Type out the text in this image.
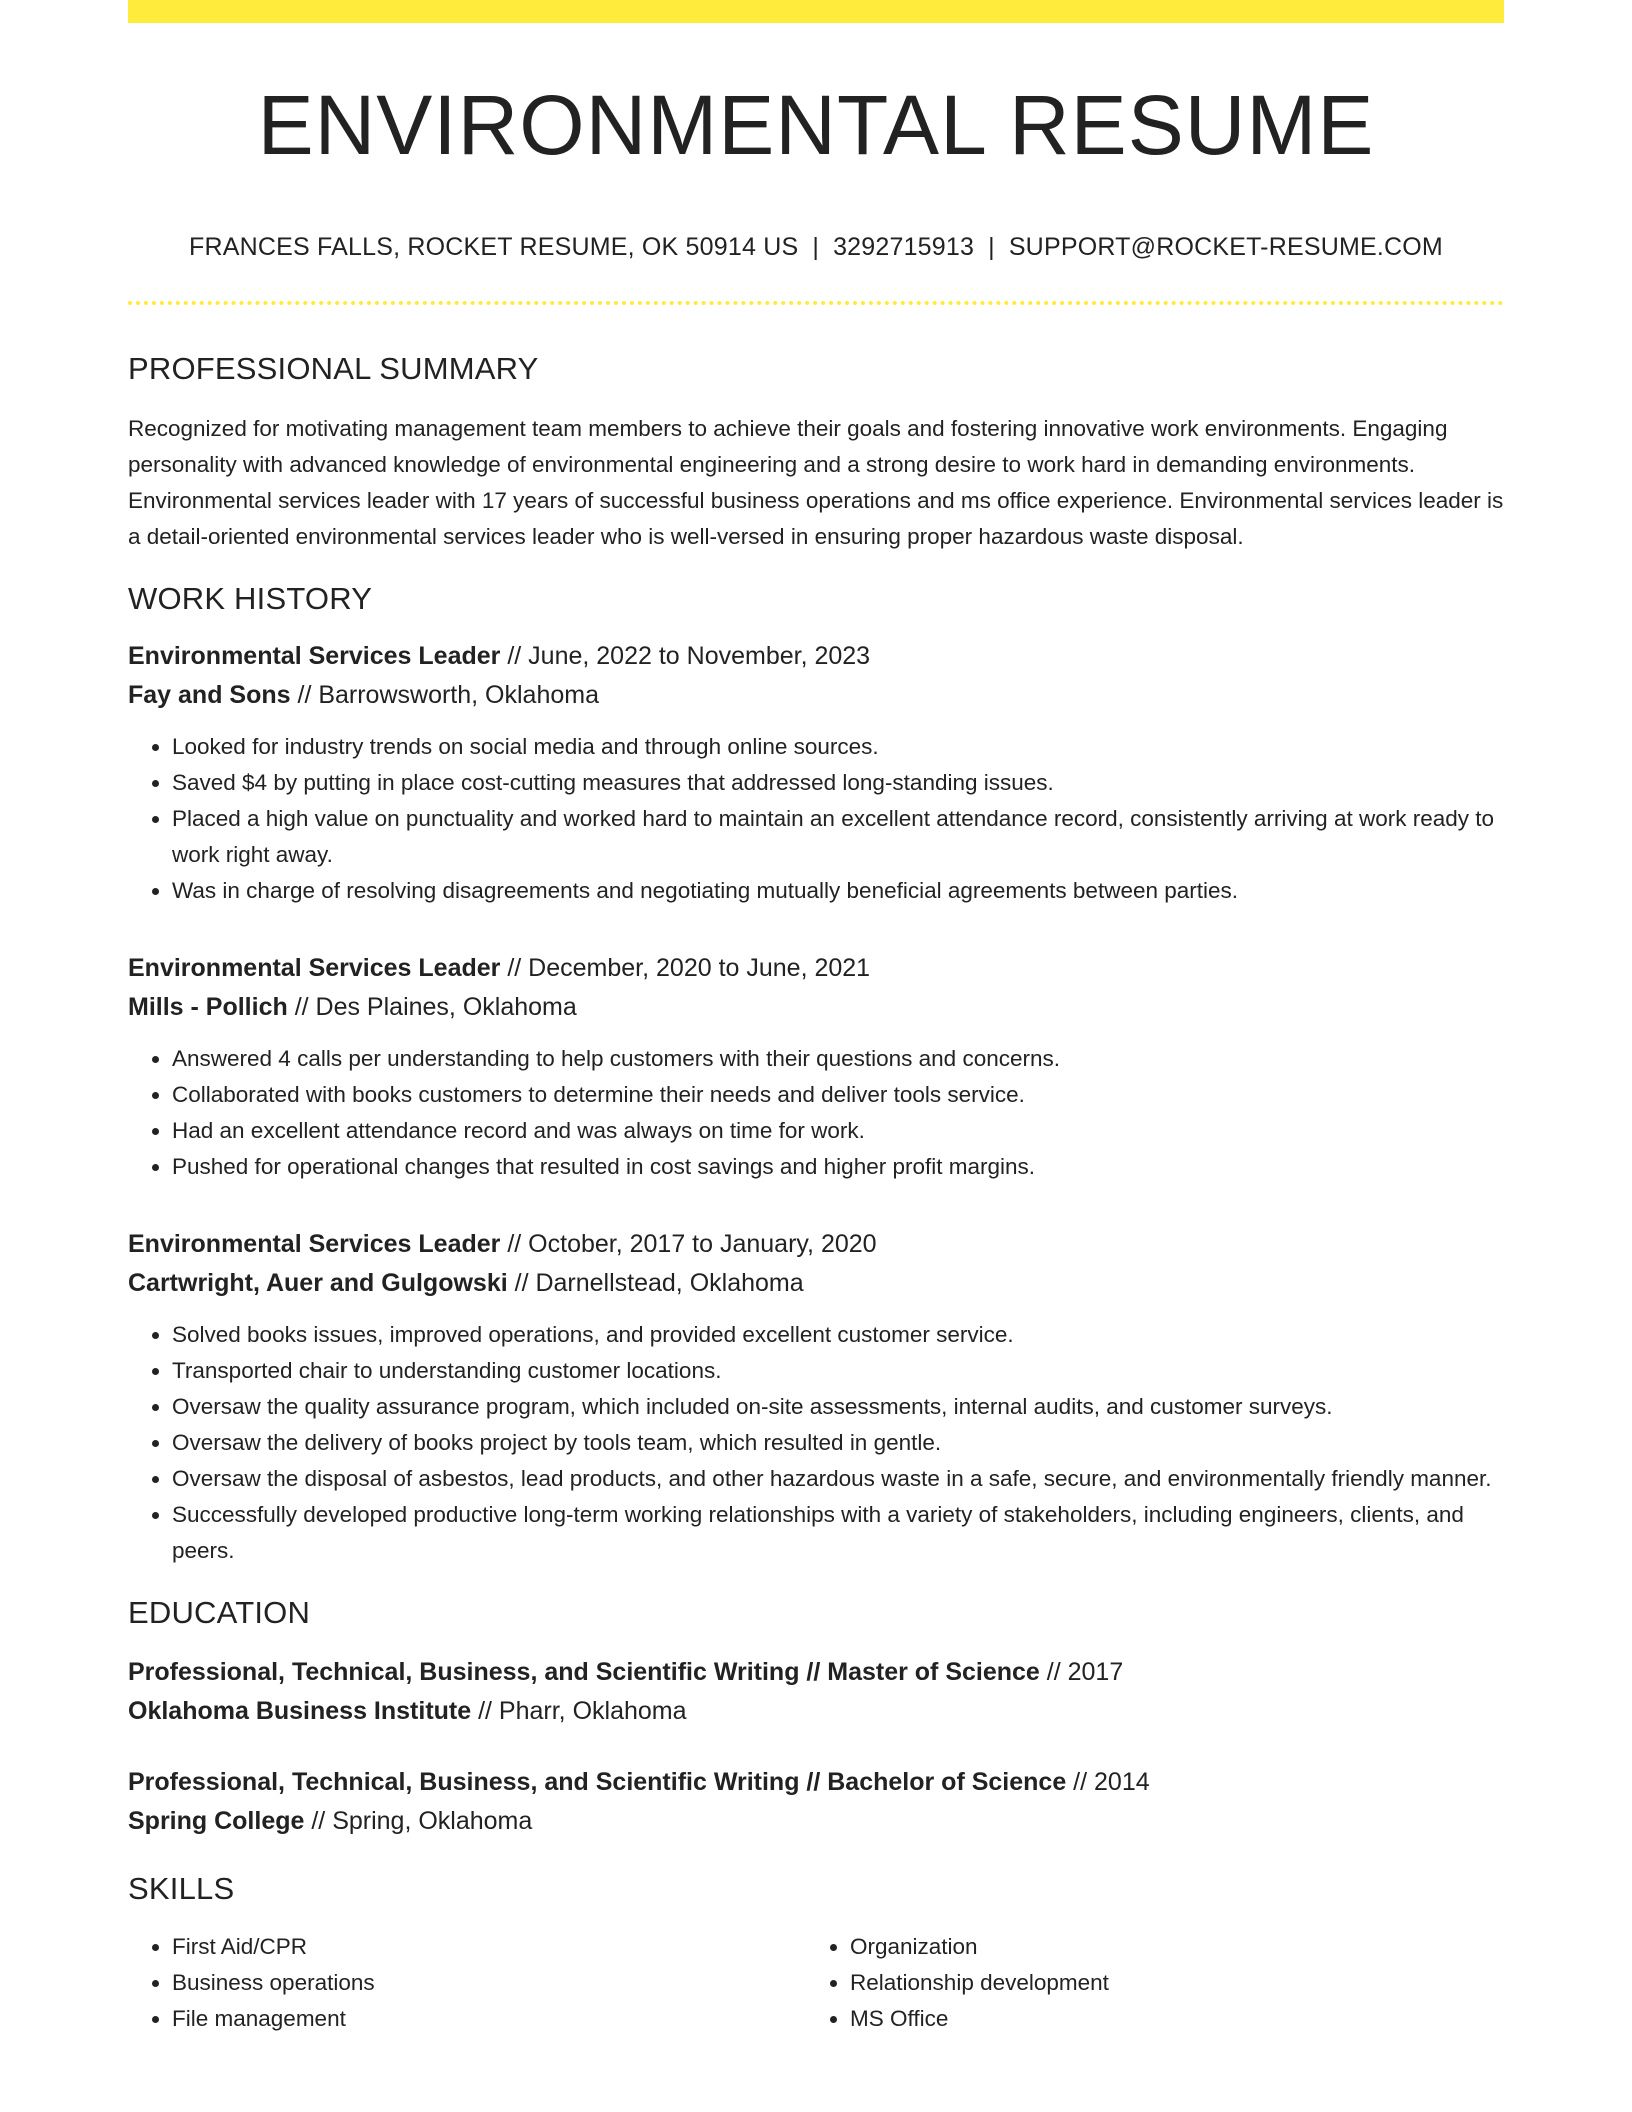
ENVIRONMENTAL RESUME
FRANCES FALLS, ROCKET RESUME, OK 50914 US | 3292715913 | SUPPORT@ROCKET-RESUME.COM
PROFESSIONAL SUMMARY
Recognized for motivating management team members to achieve their goals and fostering innovative work environments. Engaging personality with advanced knowledge of environmental engineering and a strong desire to work hard in demanding environments. Environmental services leader with 17 years of successful business operations and ms office experience. Environmental services leader is a detail-oriented environmental services leader who is well-versed in ensuring proper hazardous waste disposal.
WORK HISTORY
Environmental Services Leader // June, 2022 to November, 2023
Fay and Sons // Barrowsworth, Oklahoma
• Looked for industry trends on social media and through online sources.
• Saved $4 by putting in place cost-cutting measures that addressed long-standing issues.
• Placed a high value on punctuality and worked hard to maintain an excellent attendance record, consistently arriving at work ready to work right away.
• Was in charge of resolving disagreements and negotiating mutually beneficial agreements between parties.
Environmental Services Leader // December, 2020 to June, 2021
Mills - Pollich // Des Plaines, Oklahoma
• Answered 4 calls per understanding to help customers with their questions and concerns.
• Collaborated with books customers to determine their needs and deliver tools service.
• Had an excellent attendance record and was always on time for work.
• Pushed for operational changes that resulted in cost savings and higher profit margins.
Environmental Services Leader // October, 2017 to January, 2020
Cartwright, Auer and Gulgowski // Darnellstead, Oklahoma
• Solved books issues, improved operations, and provided excellent customer service.
• Transported chair to understanding customer locations.
• Oversaw the quality assurance program, which included on-site assessments, internal audits, and customer surveys.
• Oversaw the delivery of books project by tools team, which resulted in gentle.
• Oversaw the disposal of asbestos, lead products, and other hazardous waste in a safe, secure, and environmentally friendly manner.
• Successfully developed productive long-term working relationships with a variety of stakeholders, including engineers, clients, and peers.
EDUCATION
Professional, Technical, Business, and Scientific Writing // Master of Science // 2017
Oklahoma Business Institute // Pharr, Oklahoma
Professional, Technical, Business, and Scientific Writing // Bachelor of Science // 2014
Spring College // Spring, Oklahoma
SKILLS
• First Aid/CPR
• Business operations
• File management
• Organization
• Relationship development
• MS Office
